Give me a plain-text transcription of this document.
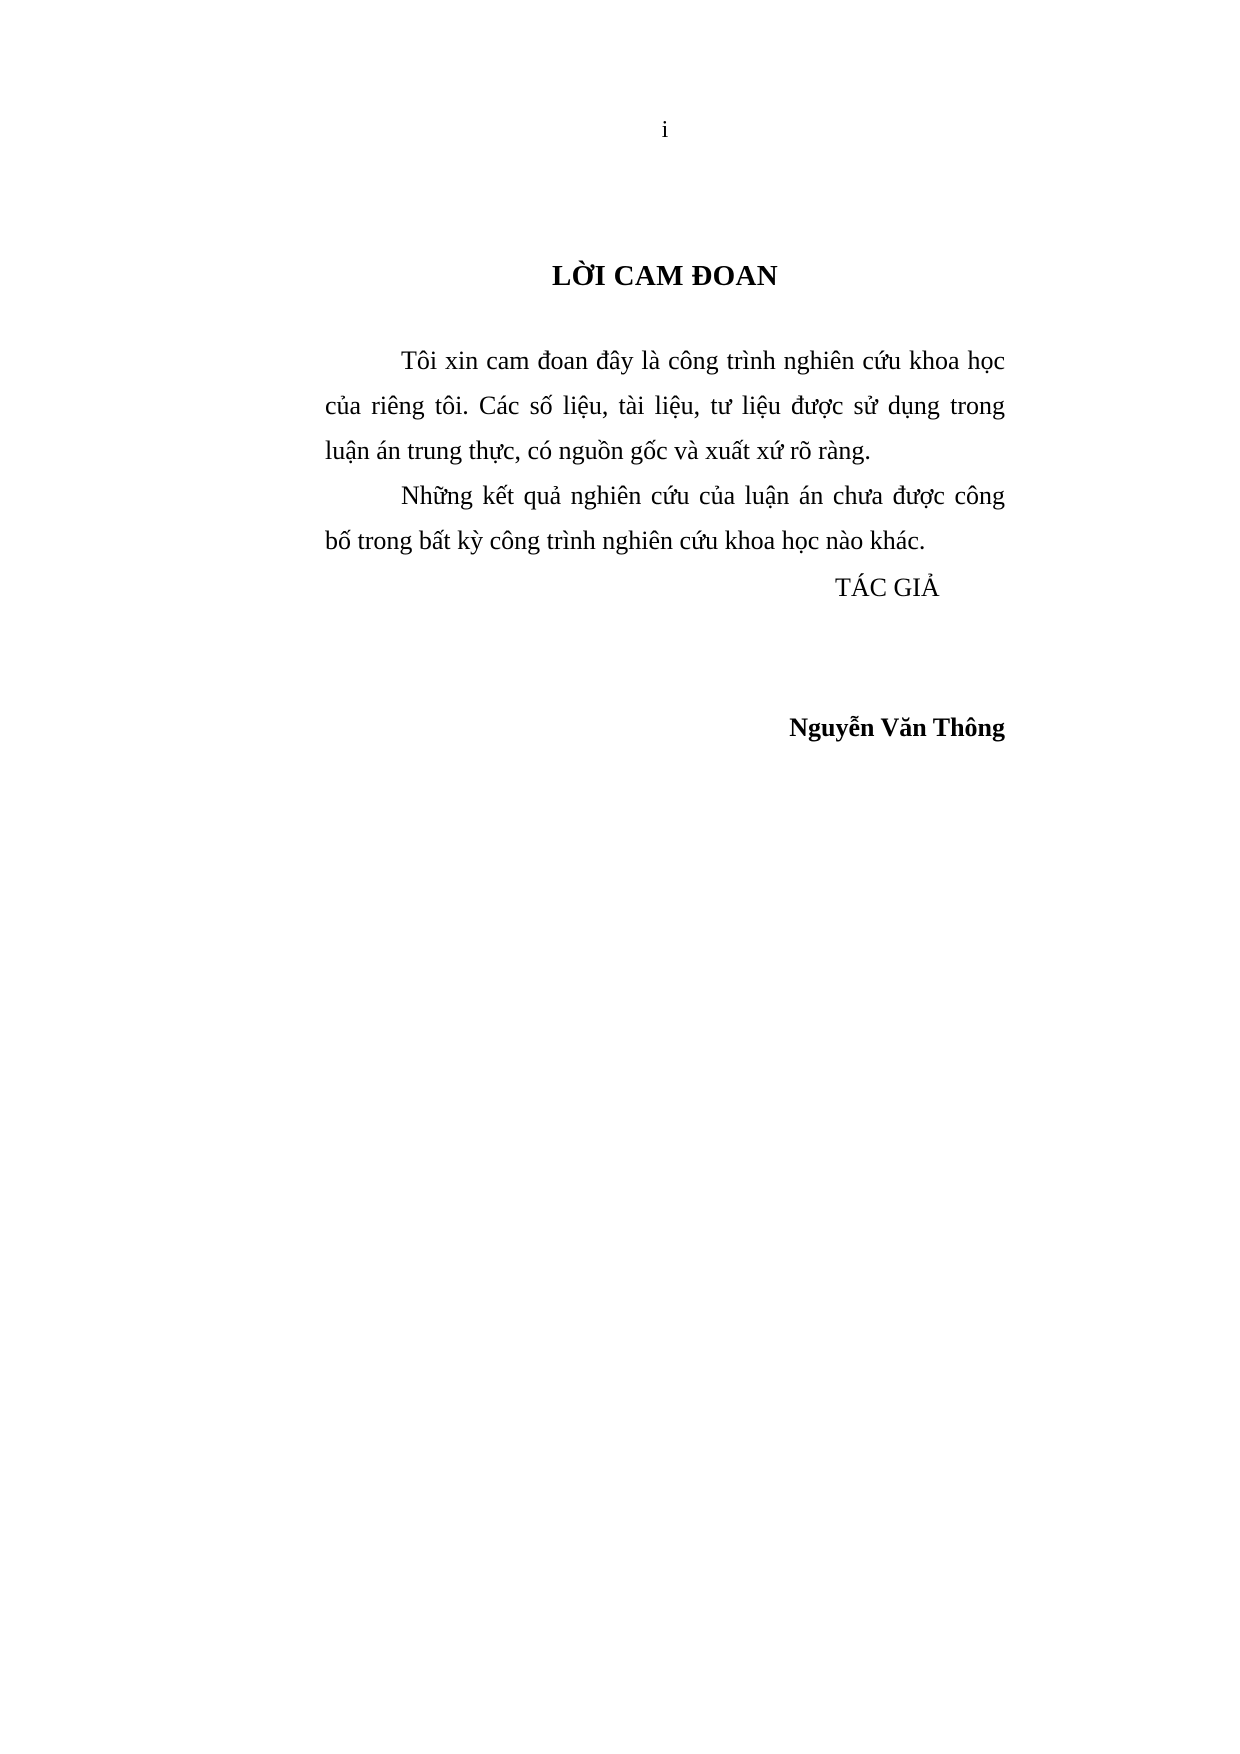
i
LỜI CAM ĐOAN

Tôi xin cam đoan đây là công trình nghiên cứu khoa học của riêng tôi. Các số liệu, tài liệu, tư liệu được sử dụng trong luận án trung thực, có nguồn gốc và xuất xứ rõ ràng.

Những kết quả nghiên cứu của luận án chưa được công bố trong bất kỳ công trình nghiên cứu khoa học nào khác.

TÁC GIẢ
Nguyễn Văn Thông
